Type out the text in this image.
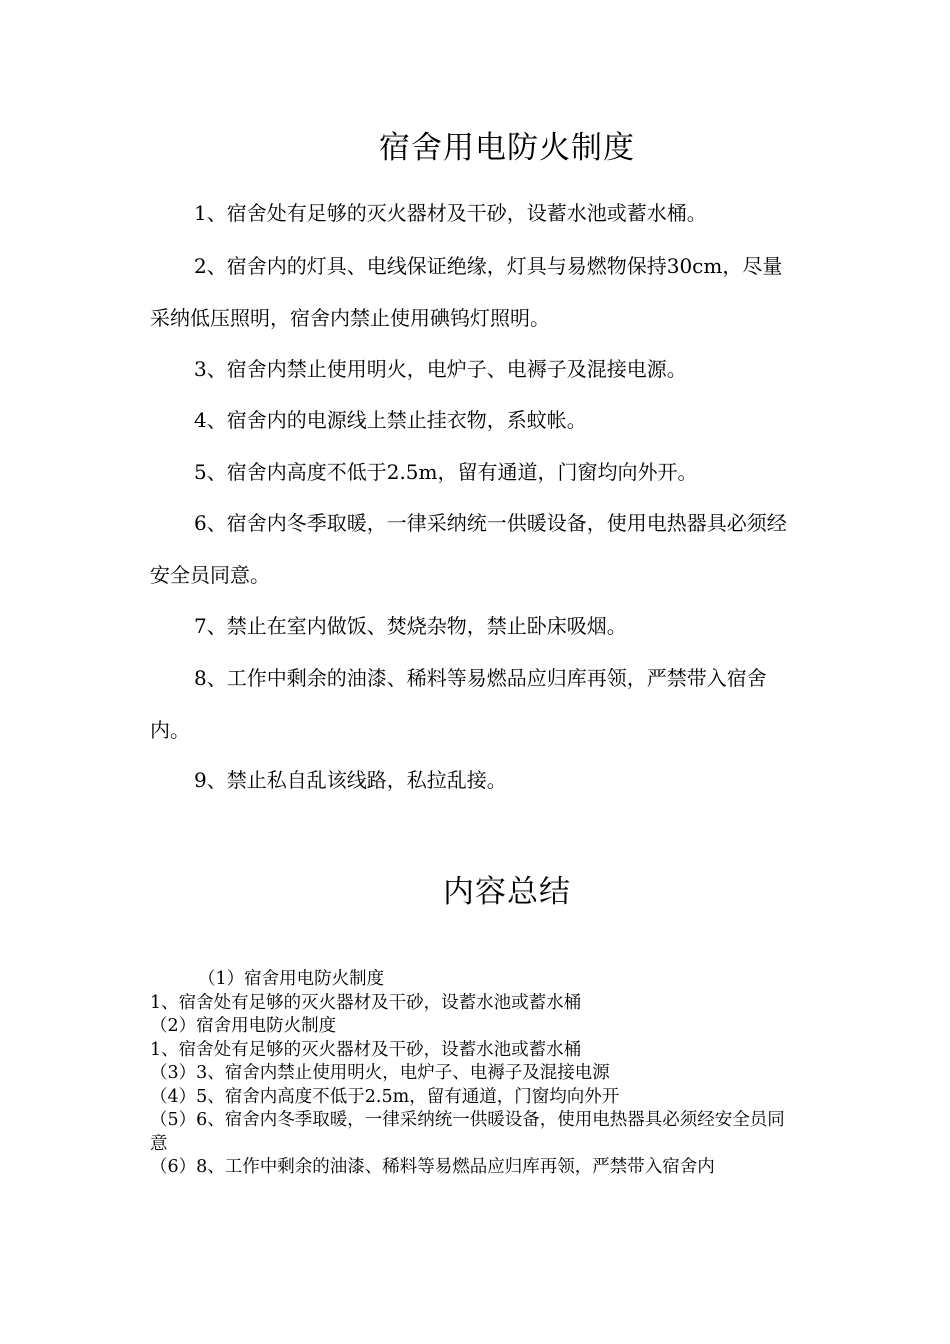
宿舍用电防火制度
1、宿舍处有足够的灭火器材及干砂，设蓄水池或蓄水桶。
2、宿舍内的灯具、电线保证绝缘，灯具与易燃物保持30cm，尽量采纳低压照明，宿舍内禁止使用碘钨灯照明。
3、宿舍内禁止使用明火，电炉子、电褥子及混接电源。
4、宿舍内的电源线上禁止挂衣物，系蚊帐。
5、宿舍内高度不低于2.5m，留有通道，门窗均向外开。
6、宿舍内冬季取暖，一律采纳统一供暖设备，使用电热器具必须经安全员同意。
7、禁止在室内做饭、焚烧杂物，禁止卧床吸烟。
8、工作中剩余的油漆、稀料等易燃品应归库再领，严禁带入宿舍内。
9、禁止私自乱该线路，私拉乱接。
内容总结
（1）宿舍用电防火制度
1、宿舍处有足够的灭火器材及干砂，设蓄水池或蓄水桶
（2）宿舍用电防火制度
1、宿舍处有足够的灭火器材及干砂，设蓄水池或蓄水桶
（3）3、宿舍内禁止使用明火，电炉子、电褥子及混接电源
（4）5、宿舍内高度不低于2.5m，留有通道，门窗均向外开
（5）6、宿舍内冬季取暖，一律采纳统一供暖设备，使用电热器具必须经安全员同意
（6）8、工作中剩余的油漆、稀料等易燃品应归库再领，严禁带入宿舍内
